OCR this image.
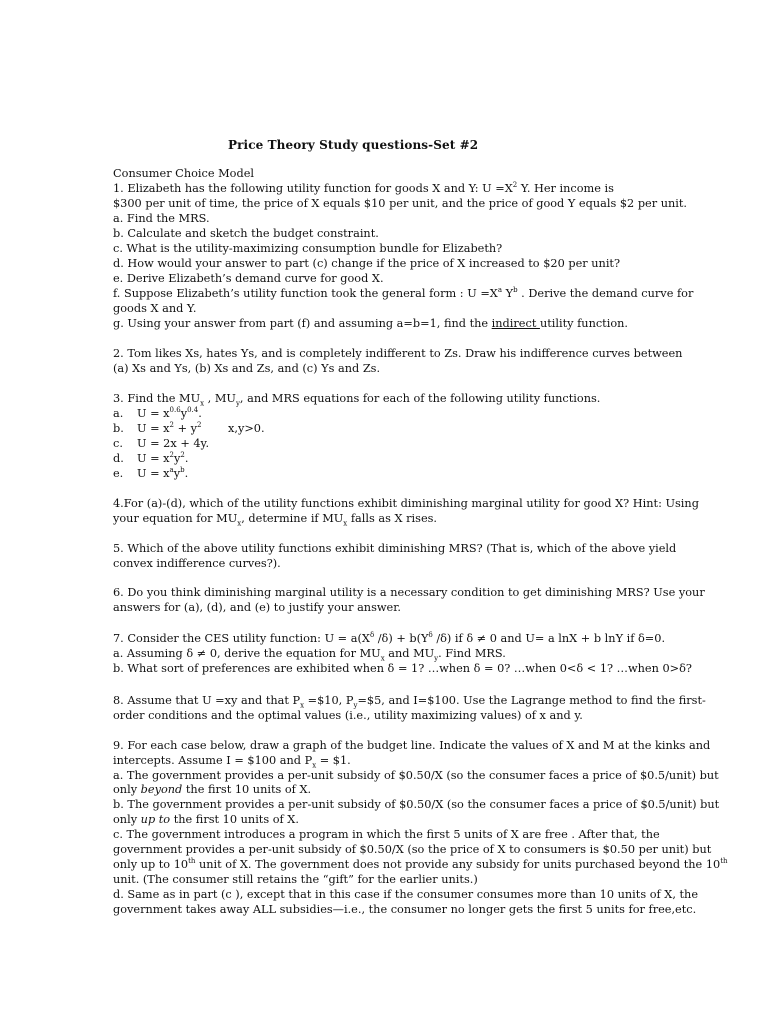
Price Theory Study questions-Set #2
Consumer Choice Model
1. Elizabeth has the following utility function for goods X and Y: $U =X^2$ Y. Her income is
$300 per unit of time, the price of X equals $10 per unit, and the price of good Y equals $2 per unit.
a. Find the MRS.
b. Calculate and sketch the budget constraint.
c. What is the utility-maximizing consumption bundle for Elizabeth?
d. How would your answer to part (c) change if the price of X increased to $20 per unit?
e. Derive Elizabeth’s demand curve for good X.
f. Suppose Elizabeth’s utility function took the general form : $U =X^a$ $Y^b$ . Derive the demand curve for
goods X and Y.
g. Using your answer from part (f) and assuming a=b=1, find the indirect utility function.
2. Tom likes Xs, hates Ys, and is completely indifferent to Zs. Draw his indifference curves between
(a) Xs and Ys, (b) Xs and Zs, and (c) Ys and Zs.
3. Find the $MU_x$ , $MU_y$, and MRS equations for each of the following utility functions.
a. $U = x^{0.6}y^{0.4}$.
b. $U = x^2 + y^2$ x,y>0.
c. U = 2x + 4y.
d. $U = x^2y^2$.
e. $U = x^ay^b$.
4.For (a)-(d), which of the utility functions exhibit diminishing marginal utility for good X? Hint: Using
your equation for $MU_x$, determine if $MU_x$ falls as X rises.
5. Which of the above utility functions exhibit diminishing MRS? (That is, which of the above yield
convex indifference curves?).
6. Do you think diminishing marginal utility is a necessary condition to get diminishing MRS? Use your
answers for (a), (d), and (e) to justify your answer.
7. Consider the CES utility function: $U = a(X^\delta$ $/\delta) + b(Y^\delta$ /δ) if δ ≠ 0 and U= a lnX + b lnY if δ=0.
a. Assuming δ ≠ 0, derive the equation for $MU_x$ and $MU_y$. Find MRS.
b. What sort of preferences are exhibited when δ = 1? …when δ = 0? …when 0<δ < 1? …when 0>δ?
8. Assume that U =xy and that $P_x$ =$10, $P_y=\$5$, and I=$100. Use the Lagrange method to find the first-
order conditions and the optimal values (i.e., utility maximizing values) of x and y.
9. For each case below, draw a graph of the budget line. Indicate the values of X and M at the kinks and
intercepts. Assume I = $100 and $P_x$ = $1.
a. The government provides a per-unit subsidy of $0.50/X (so the consumer faces a price of $0.5/unit) but
only beyond the first 10 units of X.
b. The government provides a per-unit subsidy of $0.50/X (so the consumer faces a price of $0.5/unit) but
only up to the first 10 units of X.
c. The government introduces a program in which the first 5 units of X are free . After that, the
government provides a per-unit subsidy of $0.50/X (so the price of X to consumers is $0.50 per unit) but
only up to 10th unit of X. The government does not provide any subsidy for units purchased beyond the 10th
unit. (The consumer still retains the “gift” for the earlier units.)
d. Same as in part (c ), except that in this case if the consumer consumes more than 10 units of X, the
government takes away ALL subsidies—i.e., the consumer no longer gets the first 5 units for free,etc.
